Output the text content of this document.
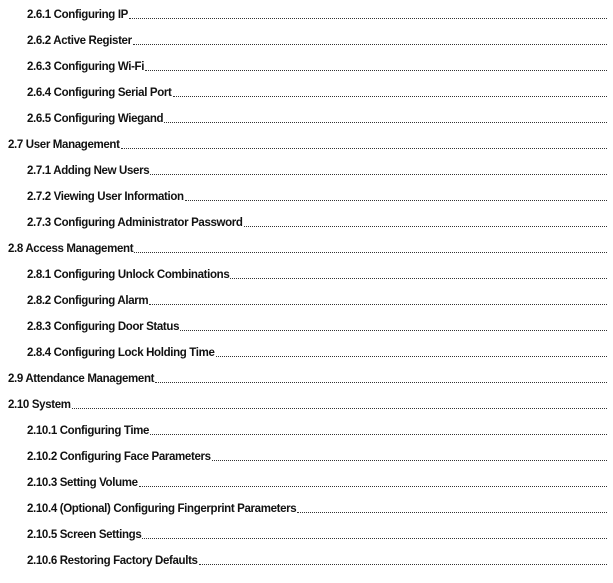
2.6.1 Configuring IP
2.6.2 Active Register
2.6.3 Configuring Wi-Fi
2.6.4 Configuring Serial Port
2.6.5 Configuring Wiegand
2.7 User Management
2.7.1 Adding New Users
2.7.2 Viewing User Information
2.7.3 Configuring Administrator Password
2.8 Access Management
2.8.1 Configuring Unlock Combinations
2.8.2 Configuring Alarm
2.8.3 Configuring Door Status
2.8.4 Configuring Lock Holding Time
2.9 Attendance Management
2.10 System
2.10.1 Configuring Time
2.10.2 Configuring Face Parameters
2.10.3 Setting Volume
2.10.4 (Optional) Configuring Fingerprint Parameters
2.10.5 Screen Settings
2.10.6 Restoring Factory Defaults
